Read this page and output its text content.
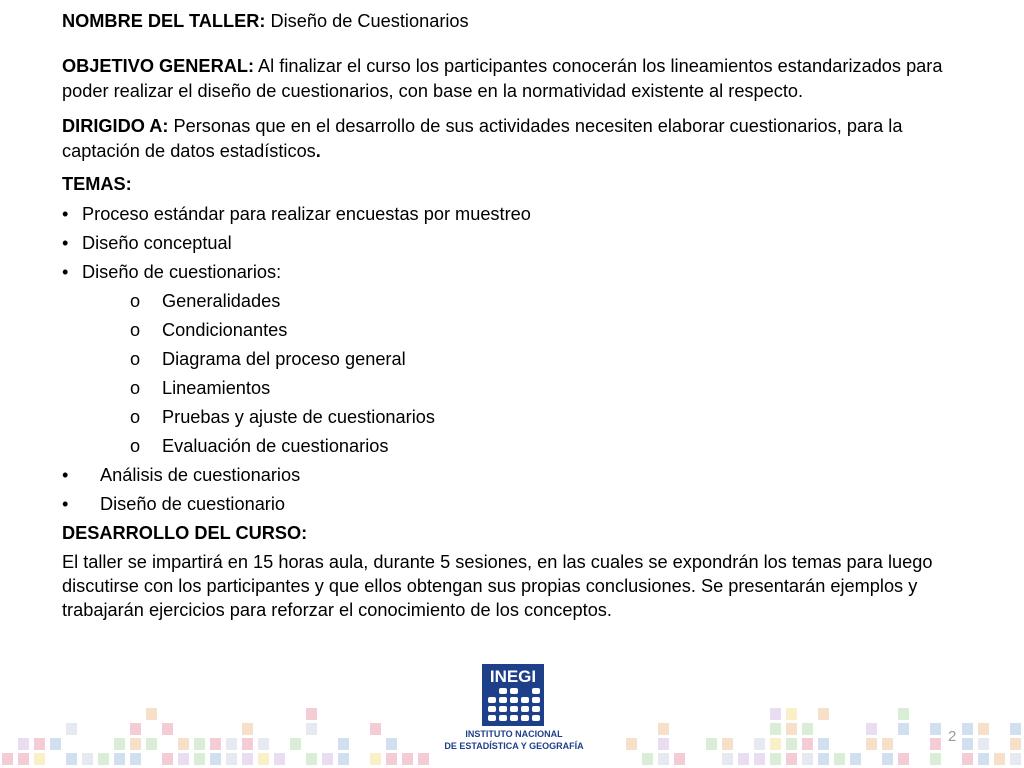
NOMBRE DEL TALLER: Diseño de Cuestionarios

OBJETIVO GENERAL: Al finalizar el curso los participantes conocerán los lineamientos estandarizados para poder realizar el diseño de cuestionarios, con base en la normatividad existente al respecto.

DIRIGIDO A: Personas que en el desarrollo de sus actividades necesiten elaborar cuestionarios, para la captación de datos estadísticos.

TEMAS:

• Proceso estándar para realizar encuestas por muestreo
• Diseño conceptual
• Diseño de cuestionarios:
o Generalidades
o Condicionantes
o Diagrama del proceso general
o Lineamientos
o Pruebas y ajuste de cuestionarios
o Evaluación de cuestionarios
• Análisis de cuestionarios
• Diseño de cuestionario

DESARROLLO DEL CURSO:

El taller se impartirá en 15 horas aula, durante 5 sesiones, en las cuales se expondrán los temas para luego discutirse con los participantes y que ellos obtengan sus propias conclusiones. Se presentarán ejemplos y trabajarán ejercicios para reforzar el conocimiento de los conceptos.

INEGI
INSTITUTO NACIONAL
DE ESTADÍSTICA Y GEOGRAFÍA
2
